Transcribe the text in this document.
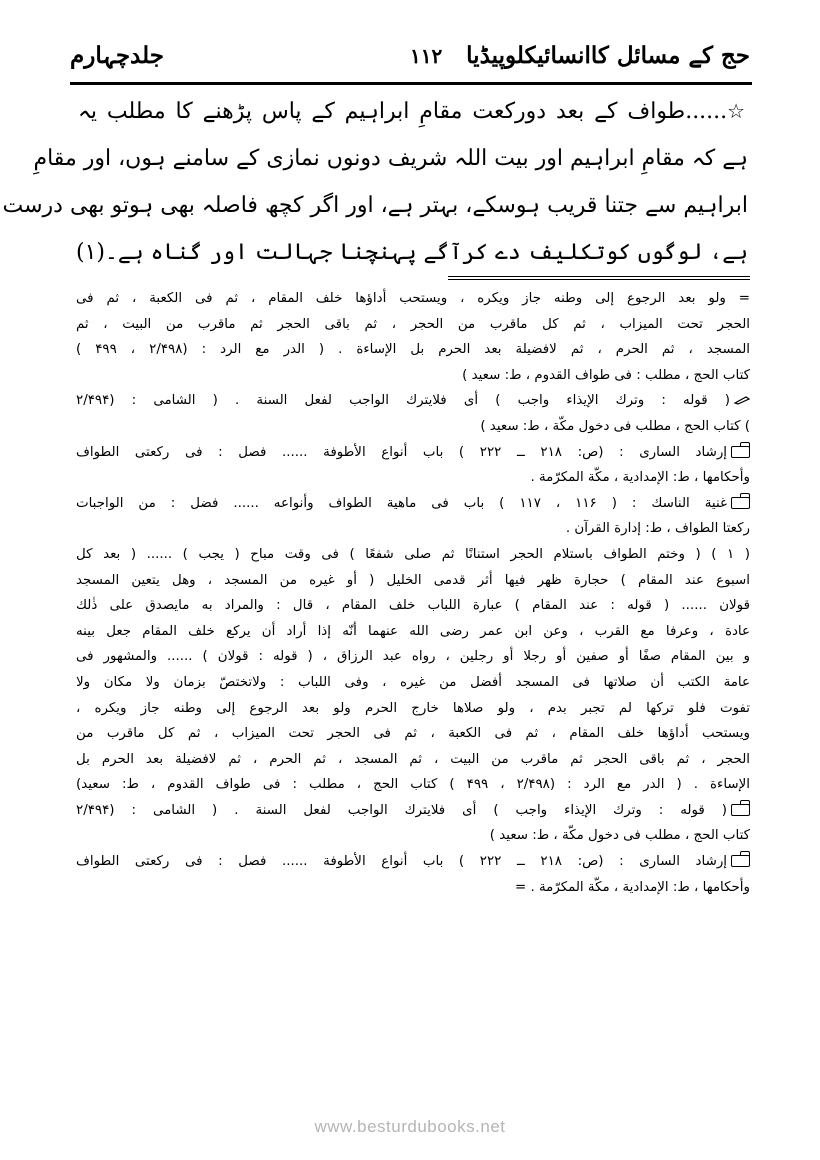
حج کے مسائل کاانسائیکلوپیڈیا
۱۱۲
جلدچہارم
☆......طواف کے بعد دورکعت مقامِ ابراہیم کے پاس پڑھنے کا مطلب یہ
ہے کہ مقامِ ابراہیم اور بیت اللہ شریف دونوں نمازی کے سامنے ہوں، اور مقامِ
ابراہیم سے جتنا قریب ہوسکے، بہتر ہے، اور اگر کچھ فاصلہ بھی ہوتو بھی درست
ہے، لوگوں کوتکلیف دے کرآگے پہنچنا جہالت اور گناہ ہے۔(۱)
= ولو بعد الرجوع إلى وطنه جاز ويكره ، ويستحب أداؤها خلف المقام ، ثم فى الكعبة ، ثم فى
الحجر تحت الميزاب ، ثم كل ماقرب من الحجر ، ثم باقى الحجر ثم ماقرب من البيت ، ثم
المسجد ، ثم الحرم ، ثم لافضيلة بعد الحرم بل الإساءة . ( الدر مع الرد : (۲/۴۹۸ ، ۴۹۹ )
كتاب الحج ، مطلب : فى طواف القدوم ، ط: سعيد )
( قوله : وترك الإيذاء واجب ) أى فلايترك الواجب لفعل السنة . ( الشامى : (۲/۴۹۴
) كتاب الحج ، مطلب فى دخول مكّة ، ط: سعيد )
إرشاد السارى : (ص: ۲۱۸ ــ ۲۲۲ ) باب أنواع الأطوفة ...... فصل : فى ركعتى الطواف
وأحكامها ، ط: الإمدادية ، مكّة المكرّمة .
غنية الناسك : ( ۱۱۶ ، ۱۱۷ ) باب فى ماهية الطواف وأنواعه ...... فضل : من الواجبات
ركعتا الطواف ، ط: إدارة القرآن .
( ۱ ) ( وختم الطواف باستلام الحجر استنانًا ثم صلى شفعًا ) فى وقت مباح ( يجب ) ...... ( بعد كل
اسبوع عند المقام ) حجارة ظهر فيها أثر قدمى الخليل ( أو غيره من المسجد ، وهل يتعين المسجد
قولان ...... ( قوله : عند المقام ) عبارة اللباب خلف المقام ، قال : والمراد به مايصدق على ذٰلك
عادة ، وعرفا مع القرب ، وعن ابن عمر رضى الله عنهما أنّه إذا أراد أن يركع خلف المقام جعل بينه
و بين المقام صفًا أو صفين أو رجلا أو رجلين ، رواه عبد الرزاق ، ( قوله : قولان ) ...... والمشهور فى
عامة الكتب أن صلاتها فى المسجد أفضل من غيره ، وفى اللباب : ولاتختصّ بزمان ولا مكان ولا
تفوت فلو تركها لم تجبر بدم ، ولو صلاها خارج الحرم ولو بعد الرجوع إلى وطنه جاز ويكره ،
ويستحب أداؤها خلف المقام ، ثم فى الكعبة ، ثم فى الحجر تحت الميزاب ، ثم كل ماقرب من
الحجر ، ثم باقى الحجر ثم ماقرب من البيت ، ثم المسجد ، ثم الحرم ، ثم لافضيلة بعد الحرم بل
الإساءة . ( الدر مع الرد : (۲/۴۹۸ ، ۴۹۹ ) كتاب الحج ، مطلب : فى طواف القدوم ، ط: سعيد)
( قوله : وترك الإيذاء واجب ) أى فلايترك الواجب لفعل السنة . ( الشامى : (۲/۴۹۴
كتاب الحج ، مطلب فى دخول مكّة ، ط: سعيد )
إرشاد السارى : (ص: ۲۱۸ ــ ۲۲۲ ) باب أنواع الأطوفة ...... فصل : فى ركعتى الطواف
وأحكامها ، ط: الإمدادية ، مكّة المكرّمة . =
www.besturdubooks.net
